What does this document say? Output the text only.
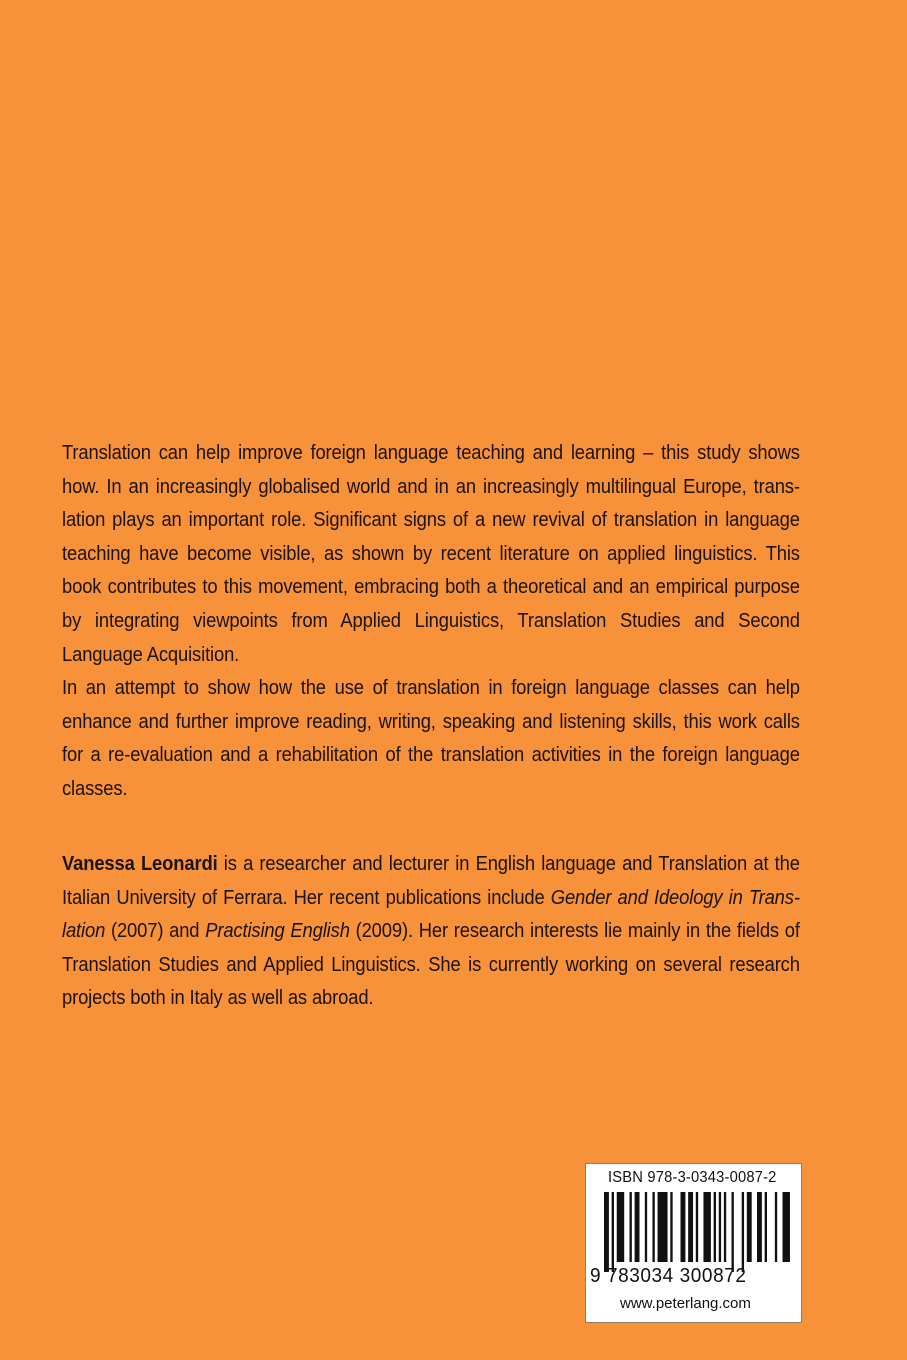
Translation can help improve foreign language teaching and learning – this study shows how. In an increasingly globalised world and in an increasingly multilingual Europe, trans-lation plays an important role. Significant signs of a new revival of translation in language teaching have become visible, as shown by recent literature on applied linguistics. This book contributes to this movement, embracing both a theoretical and an empirical purpose by integrating viewpoints from Applied Linguistics, Translation Studies and Second Language Acquisition.

In an attempt to show how the use of translation in foreign language classes can help enhance and further improve reading, writing, speaking and listening skills, this work calls for a re-evaluation and a rehabilitation of the translation activities in the foreign language classes.

Vanessa Leonardi is a researcher and lecturer in English language and Translation at the Italian University of Ferrara. Her recent publications include Gender and Ideology in Trans-lation (2007) and Practising English (2009). Her research interests lie mainly in the fields of Translation Studies and Applied Linguistics. She is currently working on several research projects both in Italy as well as abroad.

ISBN 978-3-0343-0087-2
9 783034 300872
www.peterlang.com
